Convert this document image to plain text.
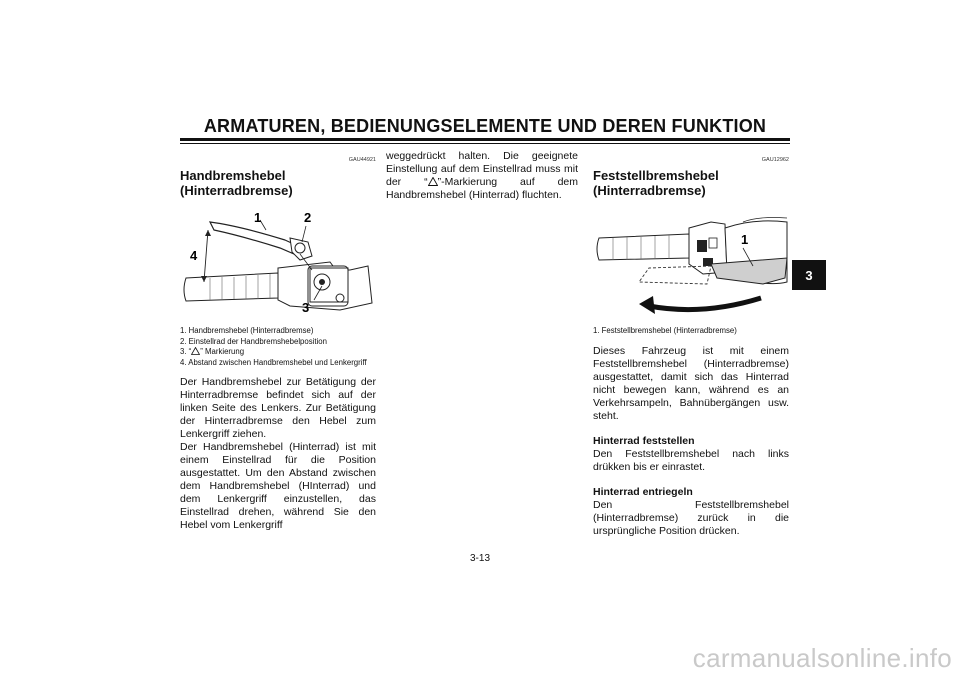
ARMATUREN, BEDIENUNGSELEMENTE UND DEREN FUNKTION
3
GAU44921
Handbremshebel
(Hinterradbremse)
1	2
3
4

1. Handbremshebel (Hinterradbremse)

2. Einstellrad der Handbremshebelposition

3. “ ” Markierung

4. Abstand zwischen Handbremshebel und Lenkergriff

Der Handbremshebel zur Betätigung der Hinterradbremse befindet sich auf der linken Seite des Lenkers. Zur Betätigung der Hinterradbremse den Hebel zum Lenkergriff ziehen.

Der Handbremshebel (Hinterrad) ist mit einem Einstellrad für die Position ausgestattet. Um den Abstand zwischen dem Handbremshebel (HInterrad) und dem Lenkergriff einzustellen, das Einstellrad drehen, während Sie den Hebel vom Lenkergriff

weggedrückt halten. Die geeignete Einstellung auf dem Einstellrad muss mit der “ ”-Markierung auf dem Handbremshebel (Hinterrad) fluchten.

GAU12962
Feststellbremshebel
(Hinterradbremse)
1

1. Feststellbremshebel (Hinterradbremse)

Dieses Fahrzeug ist mit einem Feststellbremshebel (Hinterradbremse) ausgestattet, damit sich das Hinterrad nicht bewegen kann, während es an Verkehrsampeln, Bahnübergängen usw. steht.

Hinterrad feststellen

Den Feststellbremshebel nach links drükken bis er einrastet.

Hinterrad entriegeln

Den Feststellbremshebel (Hinterradbremse) zurück in die ursprüngliche Position drücken.

3-13
carmanualsonline.info
